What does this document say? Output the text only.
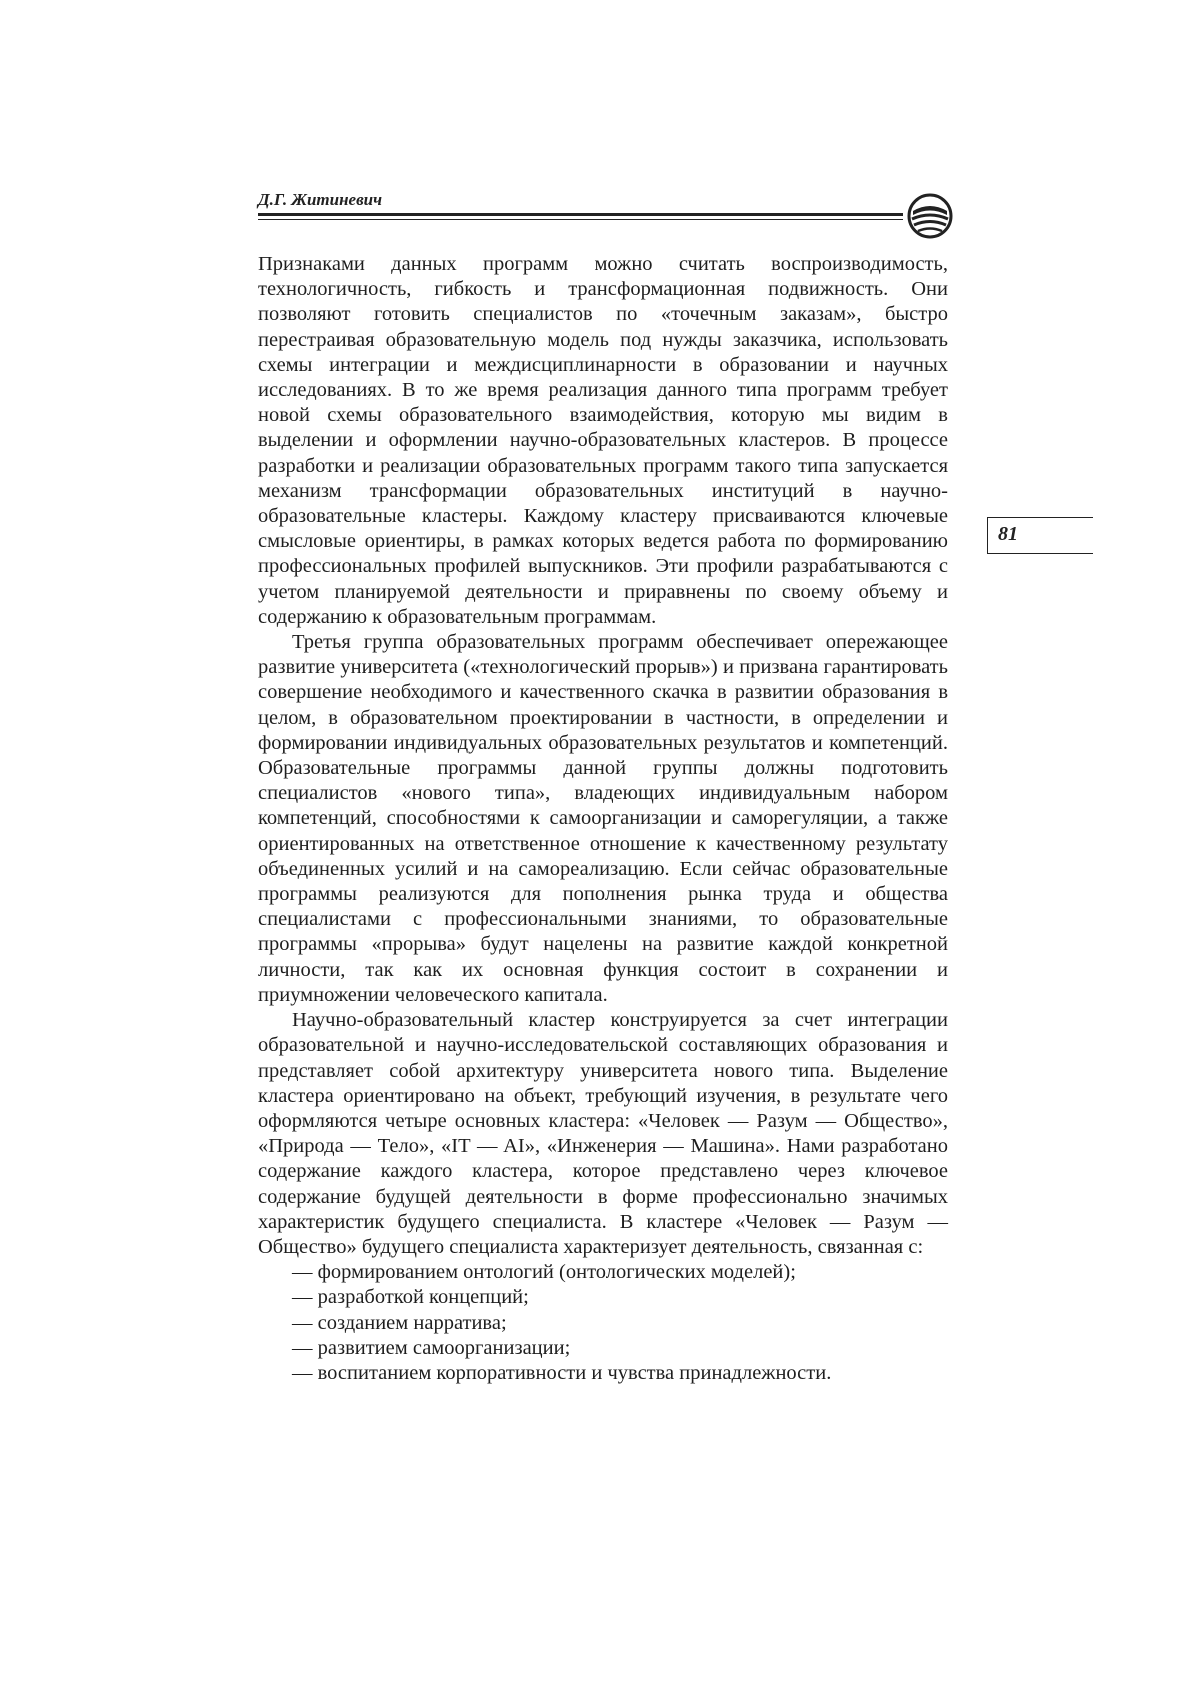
Д.Г. Житиневич
81

Признаками данных программ можно считать воспроизводимость, технологичность, гибкость и трансформационная подвижность. Они позволяют готовить специалистов по «точечным заказам», быстро перестраивая образовательную модель под нужды заказчика, использовать схемы интеграции и междисциплинарности в образовании и научных исследованиях. В то же время реализация данного типа программ требует новой схемы образовательного взаимодействия, которую мы видим в выделении и оформлении научно-образовательных кластеров. В процессе разработки и реализации образовательных программ такого типа запускается механизм трансформации образовательных институций в научно-образовательные кластеры. Каждому кластеру присваиваются ключевые смысловые ориентиры, в рамках которых ведется работа по формированию профессиональных профилей выпускников. Эти профили разрабатываются с учетом планируемой деятельности и приравнены по своему объему и содержанию к образовательным программам.

Третья группа образовательных программ обеспечивает опережающее развитие университета («технологический прорыв») и призвана гарантировать совершение необходимого и качественного скачка в развитии образования в целом, в образовательном проектировании в частности, в определении и формировании индивидуальных образовательных результатов и компетенций. Образовательные программы данной группы должны подготовить специалистов «нового типа», владеющих индивидуальным набором компетенций, способностями к самоорганизации и саморегуляции, а также ориентированных на ответственное отношение к качественному результату объединенных усилий и на самореализацию. Если сейчас образовательные программы реализуются для пополнения рынка труда и общества специалистами с профессиональными знаниями, то образовательные программы «прорыва» будут нацелены на развитие каждой конкретной личности, так как их основная функция состоит в сохранении и приумножении человеческого капитала.

Научно-образовательный кластер конструируется за счет интеграции образовательной и научно-исследовательской составляющих образования и представляет собой архитектуру университета нового типа. Выделение кластера ориентировано на объект, требующий изучения, в результате чего оформляются четыре основных кластера: «Человек — Разум — Общество», «Природа — Тело», «IT — AI», «Инженерия — Машина». Нами разработано содержание каждого кластера, которое представлено через ключевое содержание будущей деятельности в форме профессионально значимых характеристик будущего специалиста. В кластере «Человек — Разум — Общество» будущего специалиста характеризует деятельность, связанная с:

— формированием онтологий (онтологических моделей);
— разработкой концепций;
— созданием нарратива;
— развитием самоорганизации;
— воспитанием корпоративности и чувства принадлежности.
